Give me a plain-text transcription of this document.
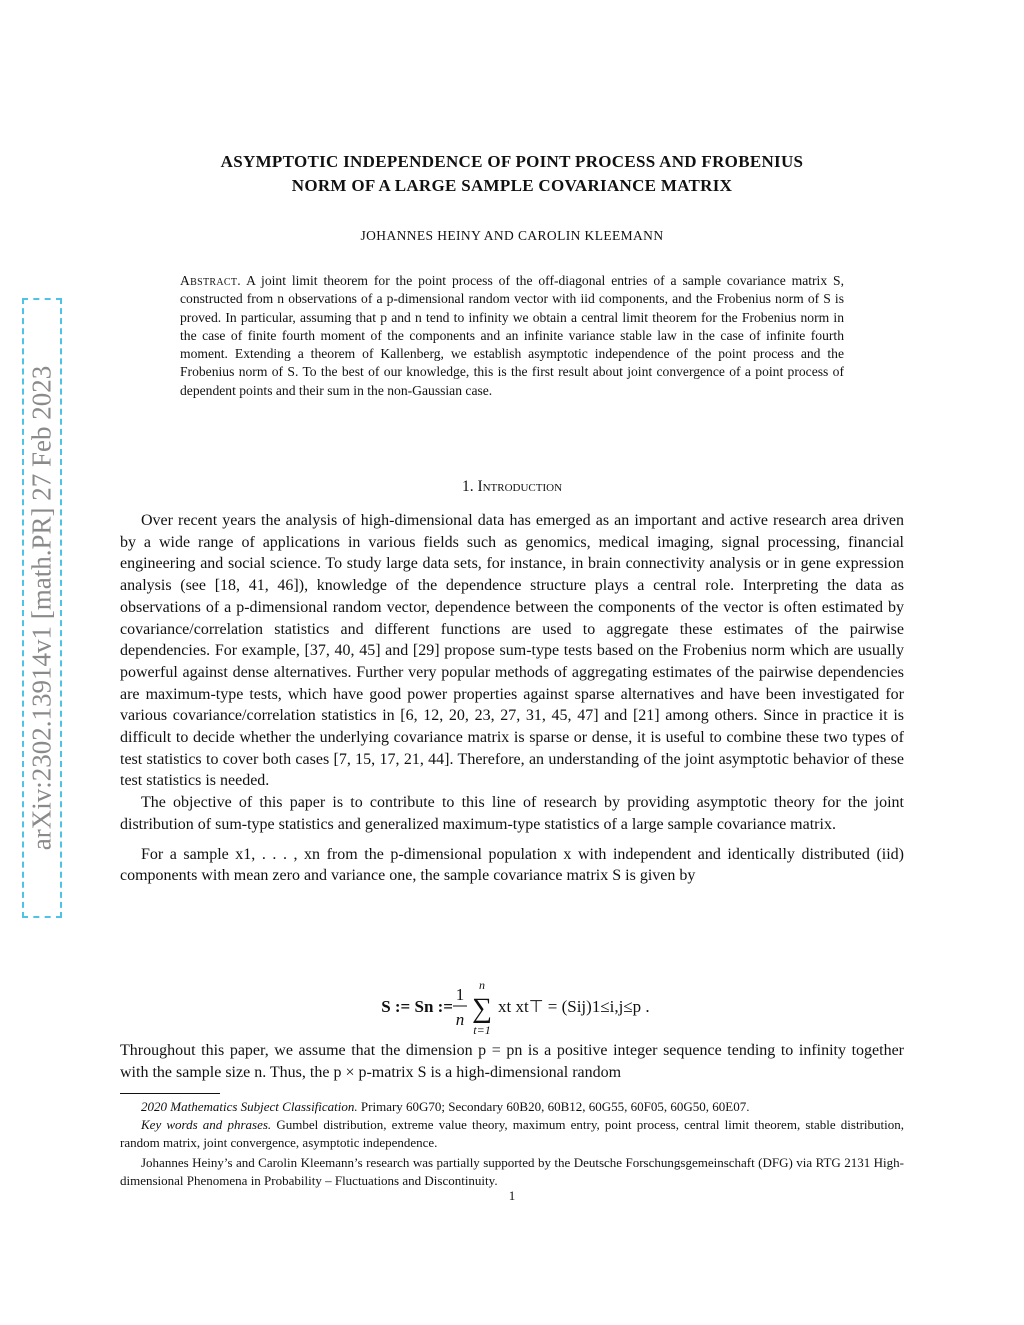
arXiv:2302.13914v1 [math.PR] 27 Feb 2023
ASYMPTOTIC INDEPENDENCE OF POINT PROCESS AND FROBENIUS
NORM OF A LARGE SAMPLE COVARIANCE MATRIX
JOHANNES HEINY AND CAROLIN KLEEMANN
Abstract. A joint limit theorem for the point process of the off-diagonal entries of a sample covariance matrix S, constructed from n observations of a p-dimensional random vector with iid components, and the Frobenius norm of S is proved. In particular, assuming that p and n tend to infinity we obtain a central limit theorem for the Frobenius norm in the case of finite fourth moment of the components and an infinite variance stable law in the case of infinite fourth moment. Extending a theorem of Kallenberg, we establish asymptotic independence of the point process and the Frobenius norm of S. To the best of our knowledge, this is the first result about joint convergence of a point process of dependent points and their sum in the non-Gaussian case.
1. Introduction

Over recent years the analysis of high-dimensional data has emerged as an important and active research area driven by a wide range of applications in various fields such as genomics, medical imaging, signal processing, financial engineering and social science. To study large data sets, for instance, in brain connectivity analysis or in gene expression analysis (see [18, 41, 46]), knowledge of the dependence structure plays a central role. Interpreting the data as observations of a p-dimensional random vector, dependence between the components of the vector is often estimated by covariance/correlation statistics and different functions are used to aggregate these estimates of the pairwise dependencies. For example, [37, 40, 45] and [29] propose sum-type tests based on the Frobenius norm which are usually powerful against dense alternatives. Further very popular methods of aggregating estimates of the pairwise dependencies are maximum-type tests, which have good power properties against sparse alternatives and have been investigated for various covariance/correlation statistics in [6, 12, 20, 23, 27, 31, 45, 47] and [21] among others. Since in practice it is difficult to decide whether the underlying covariance matrix is sparse or dense, it is useful to combine these two types of test statistics to cover both cases [7, 15, 17, 21, 44]. Therefore, an understanding of the joint asymptotic behavior of these test statistics is needed.

The objective of this paper is to contribute to this line of research by providing asymptotic theory for the joint distribution of sum-type statistics and generalized maximum-type statistics of a large sample covariance matrix.

For a sample x1, . . . , xn from the p-dimensional population x with independent and identically distributed (iid) components with mean zero and variance one, the sample covariance matrix S is given by

S := Sn :=
1
n
n
∑
t=1
xt xt⊤ = (Sij)1≤i,j≤p .

Throughout this paper, we assume that the dimension p = pn is a positive integer sequence tending to infinity together with the sample size n. Thus, the p × p-matrix S is a high-dimensional random

2020 Mathematics Subject Classification. Primary 60G70; Secondary 60B20, 60B12, 60G55, 60F05, 60G50, 60E07.

Key words and phrases. Gumbel distribution, extreme value theory, maximum entry, point process, central limit theorem, stable distribution, random matrix, joint convergence, asymptotic independence.

Johannes Heiny’s and Carolin Kleemann’s research was partially supported by the Deutsche Forschungsgemeinschaft (DFG) via RTG 2131 High-dimensional Phenomena in Probability – Fluctuations and Discontinuity.

1
